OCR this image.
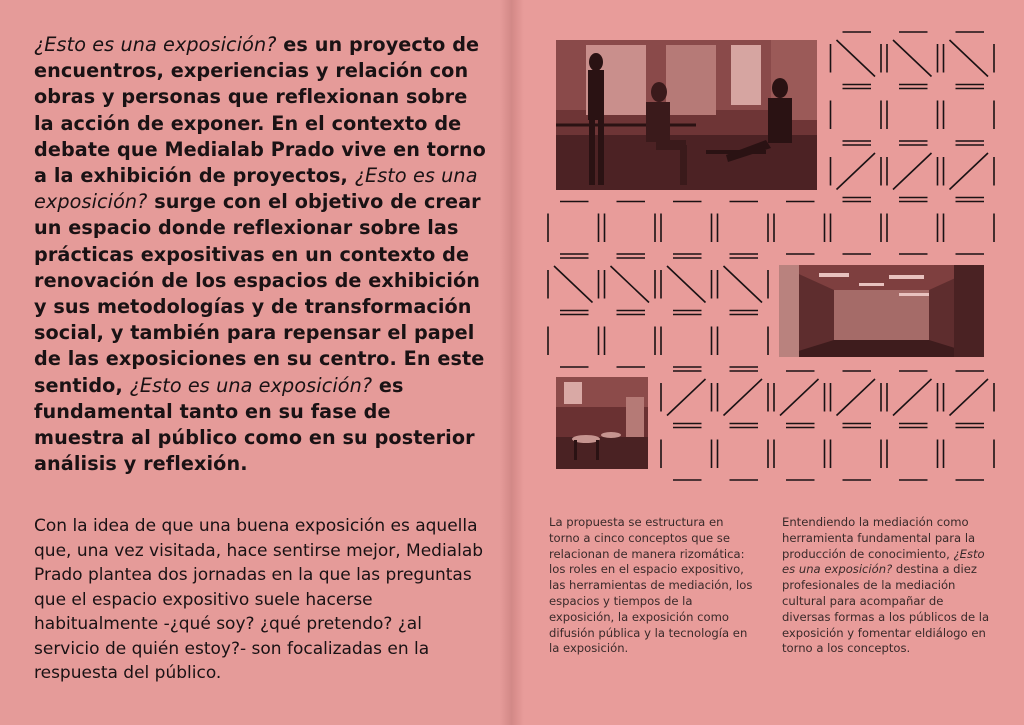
¿Esto es una exposición? es un proyecto de encuentros, experiencias y relación con obras y personas que reflexionan sobre la acción de exponer. En el contexto de debate que Medialab Prado vive en torno a la exhibición de proyectos, ¿Esto es una exposición? surge con el objetivo de crear un espacio donde reflexionar sobre las prácticas expositivas en un contexto de renovación de los espacios de exhibición y sus metodologías y de transformación social, y también para repensar el papel de las exposiciones en su centro. En este sentido, ¿Esto es una exposición? es fundamental tanto en su fase de muestra al público como en su posterior análisis y reflexión.

Con la idea de que una buena exposición es aquella que, una vez visitada, hace sentirse mejor, Medialab Prado plantea dos jornadas en la que las preguntas que el espacio expositivo suele hacerse habitualmente -¿qué soy? ¿qué pretendo? ¿al servicio de quién estoy?- son focalizadas en la respuesta del público.

La propuesta se estructura en torno a cinco conceptos que se relacionan de manera rizomática: los roles en el espacio expositivo, las herramientas de mediación, los espacios y tiempos de la exposición, la exposición como difusión pública y la tecnología en la exposición.

Entendiendo la mediación como herramienta fundamental para la producción de conocimiento, ¿Esto es una exposición? destina a diez profesionales de la mediación cultural para acompañar de diversas formas a los públicos de la exposición y fomentar eldiálogo en torno a los conceptos.
